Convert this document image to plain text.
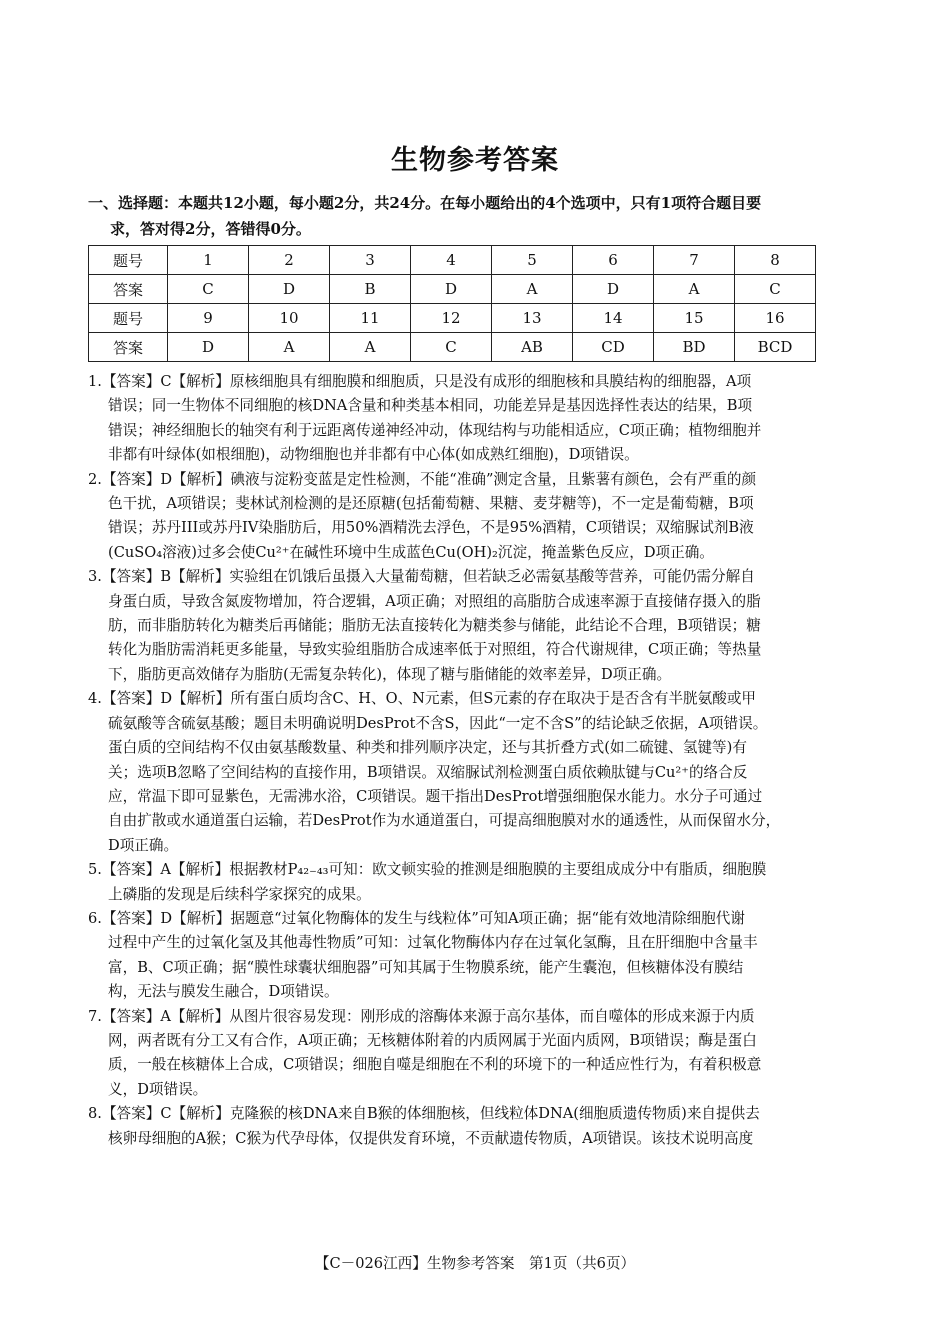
生物参考答案
一、选择题：本题共12小题，每小题2分，共24分。在每小题给出的4个选项中，只有1项符合题目要
求，答对得2分，答错得0分。
题号	1	2	3	4	5	6	7	8
答案	C	D	B	D	A	D	A	C
题号	9	10	11	12	13	14	15	16
答案	D	A	A	C	AB	CD	BD	BCD
1.【答案】C【解析】原核细胞具有细胞膜和细胞质，只是没有成形的细胞核和具膜结构的细胞器，A项
错误；同一生物体不同细胞的核DNA含量和种类基本相同，功能差异是基因选择性表达的结果，B项
错误；神经细胞长的轴突有利于远距离传递神经冲动，体现结构与功能相适应，C项正确；植物细胞并
非都有叶绿体(如根细胞)，动物细胞也并非都有中心体(如成熟红细胞)，D项错误。
2.【答案】D【解析】碘液与淀粉变蓝是定性检测，不能“准确”测定含量，且紫薯有颜色，会有严重的颜
色干扰，A项错误；斐林试剂检测的是还原糖(包括葡萄糖、果糖、麦芽糖等)，不一定是葡萄糖，B项
错误；苏丹III或苏丹IV染脂肪后，用50%酒精洗去浮色，不是95%酒精，C项错误；双缩脲试剂B液
(CuSO₄溶液)过多会使Cu²⁺在碱性环境中生成蓝色Cu(OH)₂沉淀，掩盖紫色反应，D项正确。
3.【答案】B【解析】实验组在饥饿后虽摄入大量葡萄糖，但若缺乏必需氨基酸等营养，可能仍需分解自
身蛋白质，导致含氮废物增加，符合逻辑，A项正确；对照组的高脂肪合成速率源于直接储存摄入的脂
肪，而非脂肪转化为糖类后再储能；脂肪无法直接转化为糖类参与储能，此结论不合理，B项错误；糖
转化为脂肪需消耗更多能量，导致实验组脂肪合成速率低于对照组，符合代谢规律，C项正确；等热量
下，脂肪更高效储存为脂肪(无需复杂转化)，体现了糖与脂储能的效率差异，D项正确。
4.【答案】D【解析】所有蛋白质均含C、H、O、N元素，但S元素的存在取决于是否含有半胱氨酸或甲
硫氨酸等含硫氨基酸；题目未明确说明DesProt不含S，因此“一定不含S”的结论缺乏依据，A项错误。
蛋白质的空间结构不仅由氨基酸数量、种类和排列顺序决定，还与其折叠方式(如二硫键、氢键等)有
关；选项B忽略了空间结构的直接作用，B项错误。双缩脲试剂检测蛋白质依赖肽键与Cu²⁺的络合反
应，常温下即可显紫色，无需沸水浴，C项错误。题干指出DesProt增强细胞保水能力。水分子可通过
自由扩散或水通道蛋白运输，若DesProt作为水通道蛋白，可提高细胞膜对水的通透性，从而保留水分，
D项正确。
5.【答案】A【解析】根据教材P₄₂₋₄₃可知：欧文顿实验的推测是细胞膜的主要组成成分中有脂质，细胞膜
上磷脂的发现是后续科学家探究的成果。
6.【答案】D【解析】据题意“过氧化物酶体的发生与线粒体”可知A项正确；据“能有效地清除细胞代谢
过程中产生的过氧化氢及其他毒性物质”可知：过氧化物酶体内存在过氧化氢酶，且在肝细胞中含量丰
富，B、C项正确；据“膜性球囊状细胞器”可知其属于生物膜系统，能产生囊泡，但核糖体没有膜结
构，无法与膜发生融合，D项错误。
7.【答案】A【解析】从图片很容易发现：刚形成的溶酶体来源于高尔基体，而自噬体的形成来源于内质
网，两者既有分工又有合作，A项正确；无核糖体附着的内质网属于光面内质网，B项错误；酶是蛋白
质，一般在核糖体上合成，C项错误；细胞自噬是细胞在不利的环境下的一种适应性行为，有着积极意
义，D项错误。
8.【答案】C【解析】克隆猴的核DNA来自B猴的体细胞核，但线粒体DNA(细胞质遗传物质)来自提供去
核卵母细胞的A猴；C猴为代孕母体，仅提供发育环境，不贡献遗传物质，A项错误。该技术说明高度
【C－026江西】生物参考答案　第1页（共6页）
